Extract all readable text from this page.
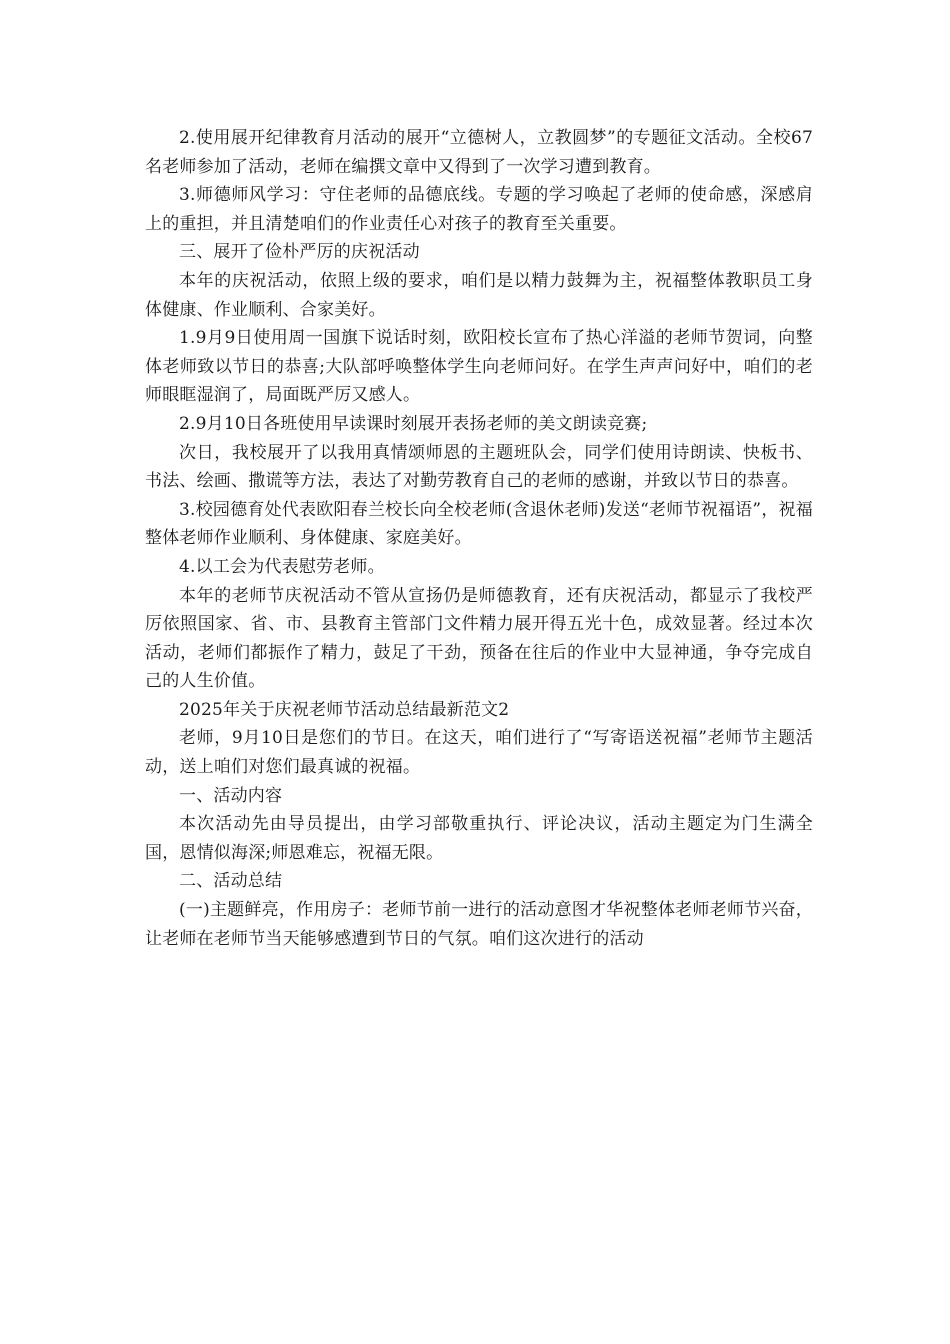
2.使用展开纪律教育月活动的展开“立德树人，立教圆梦”的专题征文活动。全校67名老师参加了活动，老师在编撰文章中又得到了一次学习遭到教育。

3.师德师风学习：守住老师的品德底线。专题的学习唤起了老师的使命感，深感肩上的重担，并且清楚咱们的作业责任心对孩子的教育至关重要。

三、展开了俭朴严厉的庆祝活动

本年的庆祝活动，依照上级的要求，咱们是以精力鼓舞为主，祝福整体教职员工身体健康、作业顺利、合家美好。

1.9月9日使用周一国旗下说话时刻，欧阳校长宣布了热心洋溢的老师节贺词，向整体老师致以节日的恭喜;大队部呼唤整体学生向老师问好。在学生声声问好中，咱们的老师眼眶湿润了，局面既严厉又感人。

2.9月10日各班使用早读课时刻展开表扬老师的美文朗读竞赛;

次日，我校展开了以我用真情颂师恩的主题班队会，同学们使用诗朗读、快板书、书法、绘画、撒谎等方法，表达了对勤劳教育自己的老师的感谢，并致以节日的恭喜。

3.校园德育处代表欧阳春兰校长向全校老师(含退休老师)发送“老师节祝福语”，祝福整体老师作业顺利、身体健康、家庭美好。

4.以工会为代表慰劳老师。

本年的老师节庆祝活动不管从宣扬仍是师德教育，还有庆祝活动，都显示了我校严厉依照国家、省、市、县教育主管部门文件精力展开得五光十色，成效显著。经过本次活动，老师们都振作了精力，鼓足了干劲，预备在往后的作业中大显神通，争夺完成自己的人生价值。

2025年关于庆祝老师节活动总结最新范文2

老师，9月10日是您们的节日。在这天，咱们进行了“写寄语送祝福”老师节主题活动，送上咱们对您们最真诚的祝福。

一、活动内容

本次活动先由导员提出，由学习部敬重执行、评论决议，活动主题定为门生满全国，恩情似海深;师恩难忘，祝福无限。

二、活动总结

(一)主题鲜亮，作用房子：老师节前一进行的活动意图才华祝整体老师老师节兴奋，让老师在老师节当天能够感遭到节日的气氛。咱们这次进行的活动
